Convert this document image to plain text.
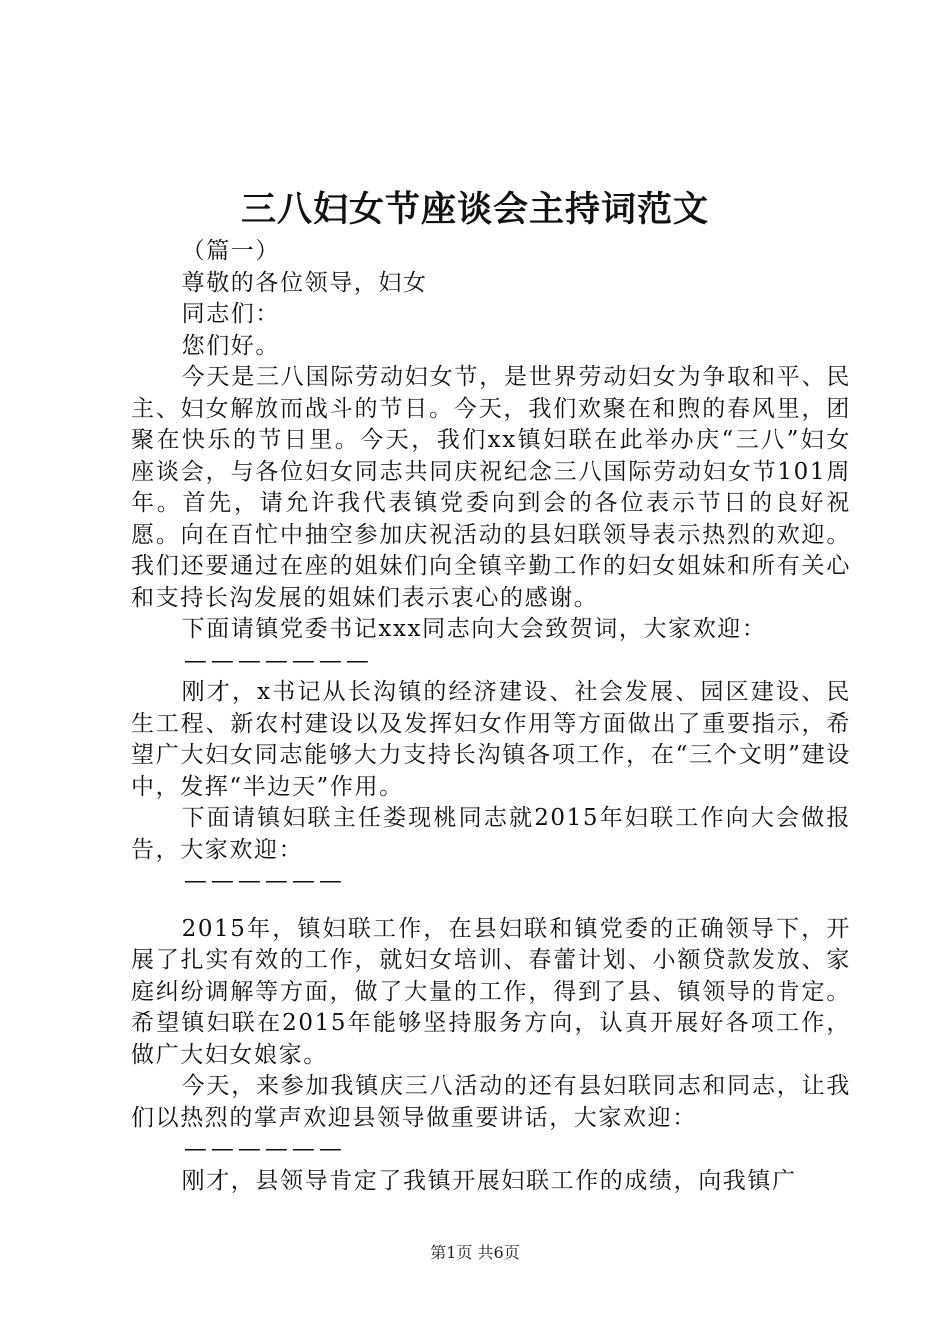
三八妇女节座谈会主持词范文

（篇一）

尊敬的各位领导，妇女

同志们：

您们好。

今天是三八国际劳动妇女节，是世界劳动妇女为争取和平、民主、妇女解放而战斗的节日。今天，我们欢聚在和煦的春风里，团聚在快乐的节日里。今天，我们xx镇妇联在此举办庆“三八”妇女座谈会，与各位妇女同志共同庆祝纪念三八国际劳动妇女节101周年。首先，请允许我代表镇党委向到会的各位表示节日的良好祝愿。向在百忙中抽空参加庆祝活动的县妇联领导表示热烈的欢迎。我们还要通过在座的姐妹们向全镇辛勤工作的妇女姐妹和所有关心和支持长沟发展的姐妹们表示衷心的感谢。

下面请镇党委书记xxx同志向大会致贺词，大家欢迎：

———————

刚才，x书记从长沟镇的经济建设、社会发展、园区建设、民生工程、新农村建设以及发挥妇女作用等方面做出了重要指示，希望广大妇女同志能够大力支持长沟镇各项工作，在“三个文明”建设中，发挥“半边天”作用。

下面请镇妇联主任娄现桃同志就2015年妇联工作向大会做报告，大家欢迎：

——————

2015年，镇妇联工作，在县妇联和镇党委的正确领导下，开展了扎实有效的工作，就妇女培训、春蕾计划、小额贷款发放、家庭纠纷调解等方面，做了大量的工作，得到了县、镇领导的肯定。希望镇妇联在2015年能够坚持服务方向，认真开展好各项工作，做广大妇女娘家。

今天，来参加我镇庆三八活动的还有县妇联同志和同志，让我们以热烈的掌声欢迎县领导做重要讲话，大家欢迎：

——————

刚才，县领导肯定了我镇开展妇联工作的成绩，向我镇广

第1页 共6页
